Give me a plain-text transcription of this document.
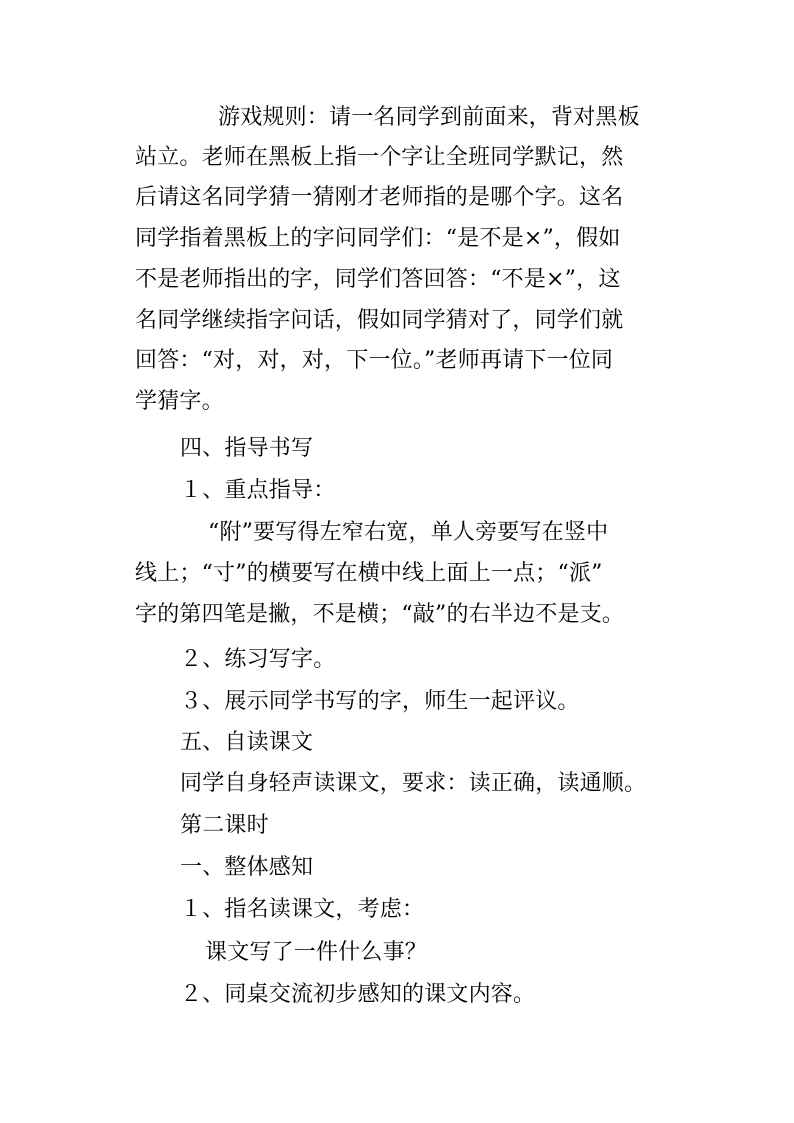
游戏规则：请一名同学到前面来，背对黑板
站立。老师在黑板上指一个字让全班同学默记，然
后请这名同学猜一猜刚才老师指的是哪个字。这名
同学指着黑板上的字问同学们：“是不是×”，假如
不是老师指出的字，同学们答回答：“不是×”，这
名同学继续指字问话，假如同学猜对了，同学们就
回答：“对，对，对，下一位。”老师再请下一位同
学猜字。
四、指导书写
１、重点指导：
“附”要写得左窄右宽，单人旁要写在竖中
线上；“寸”的横要写在横中线上面上一点；“派”
字的第四笔是撇，不是横；“敲”的右半边不是支。
２、练习写字。
３、展示同学书写的字，师生一起评议。
五、自读课文
同学自身轻声读课文，要求：读正确，读通顺。
第二课时
一、整体感知
１、指名读课文，考虑：
课文写了一件什么事？
２、同桌交流初步感知的课文内容。
